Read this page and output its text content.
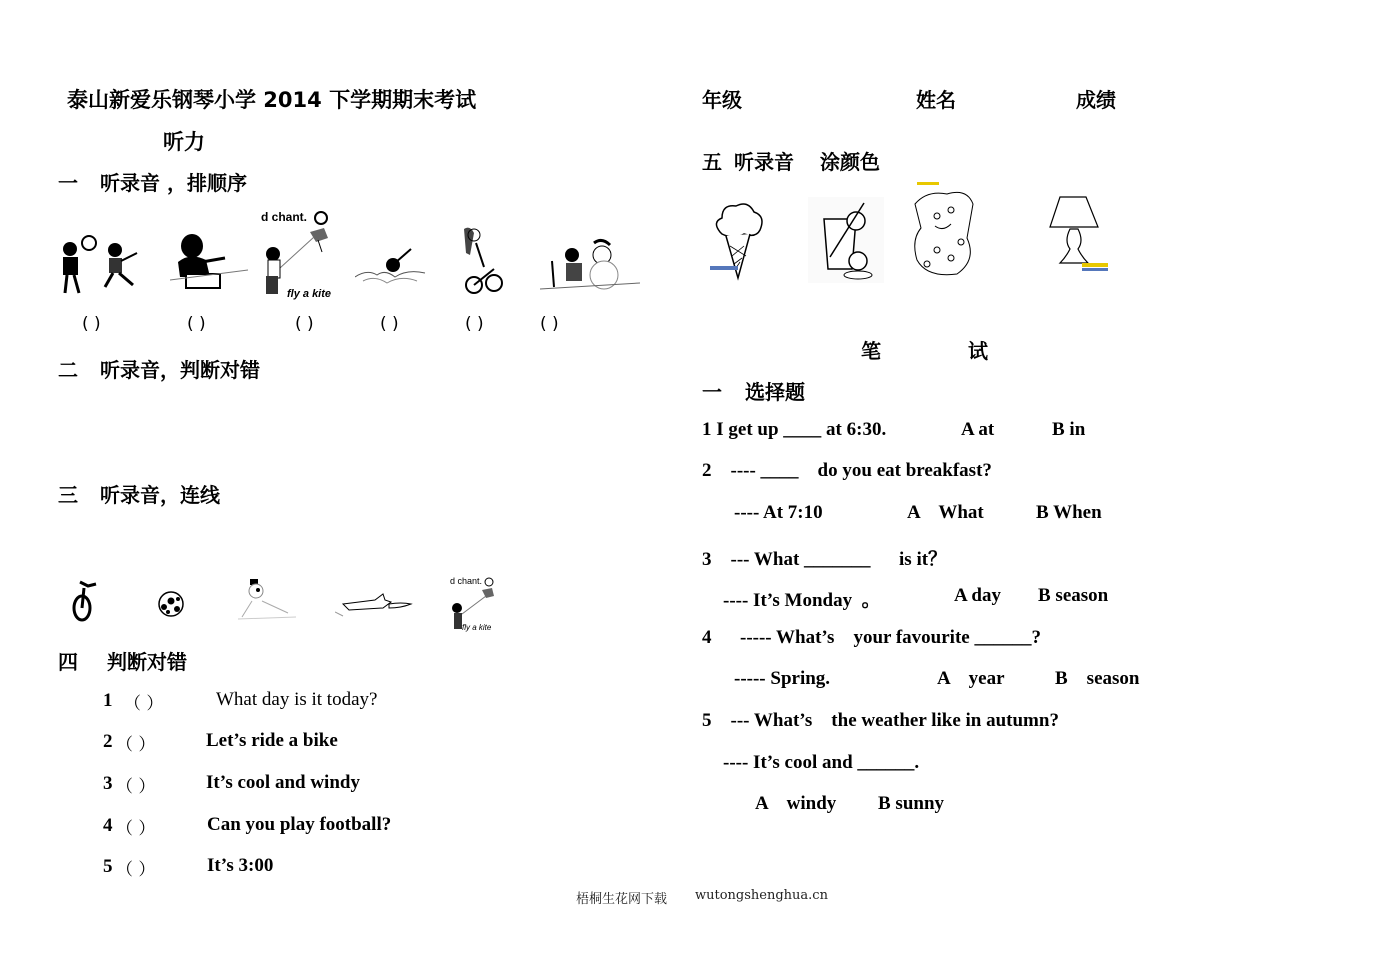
泰山新爱乐钢琴小学 2014 下学期期末考试
听力
一 听录音 ，排顺序
d chant.
fly a kite
( )	( )	( )	( )	( )	( )
二 听录音，判断对错
三 听录音，连线
d chant.
fly a kite
四 判断对错
1 （ ）	What day is it today?
2 （ ）	Let’s ride a bike
3 （ ）	It’s cool and windy
4 （ ）	Can you play football?
5 （ ）	It’s 3:00
年级	姓名	成绩
五 听录音 涂颜色
笔	试
一 选择题
1 I get up ____ at 6:30.	A at	B in
2    ---- ____    do you eat breakfast?
---- At 7:10	A    What	B When
3    --- What _______      is it？
---- It’s Monday  。	A day B season
4      ----- What’s    your favourite ______?
----- Spring.	A    year	B    season
5    --- What’s    the weather like in autumn?
---- It’s cool and ______.
A    windy B sunny
梧桐生花网下载 wutongshenghua.cn
